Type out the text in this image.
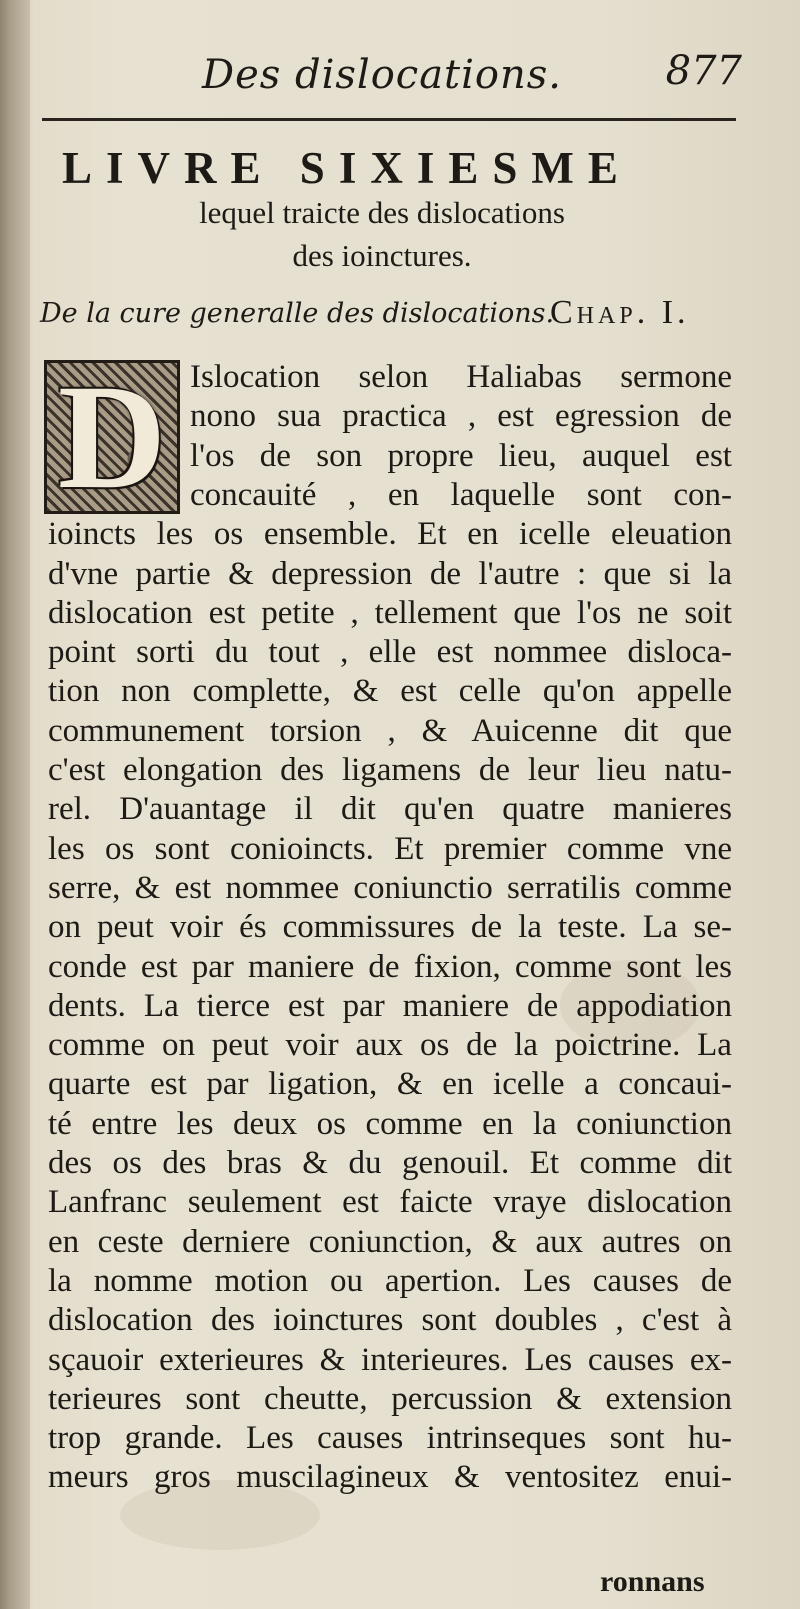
Des dislocations.	877
LIVRE SIXIESME
lequel traicte des dislocations
des ioinctures.
De la cure generalle des dislocations.
Chap. I.
D Islocation selon Haliabas sermone
nono sua practica , est egression de
l'os de son propre lieu, auquel est
concauité , en laquelle sont con-
ioincts les os ensemble. Et en icelle eleuation
d'vne partie & depression de l'autre : que si la
dislocation est petite , tellement que l'os ne soit
point sorti du tout , elle est nommee disloca-
tion non complette, & est celle qu'on appelle
communement torsion , & Auicenne dit que
c'est elongation des ligamens de leur lieu natu-
rel. D'auantage il dit qu'en quatre manieres
les os sont conioincts. Et premier comme vne
serre, & est nommee coniunctio serratilis comme
on peut voir és commissures de la teste. La se-
conde est par maniere de fixion, comme sont les
dents. La tierce est par maniere de appodiation
comme on peut voir aux os de la poictrine. La
quarte est par ligation, & en icelle a concaui-
té entre les deux os comme en la coniunction
des os des bras & du genouil. Et comme dit
Lanfranc seulement est faicte vraye dislocation
en ceste derniere coniunction, & aux autres on
la nomme motion ou apertion. Les causes de
dislocation des ioinctures sont doubles , c'est à
sçauoir exterieures & interieures. Les causes ex-
terieures sont cheutte, percussion & extension
trop grande. Les causes intrinseques sont hu-
meurs gros muscilagineux & ventositez enui-
ronnans
